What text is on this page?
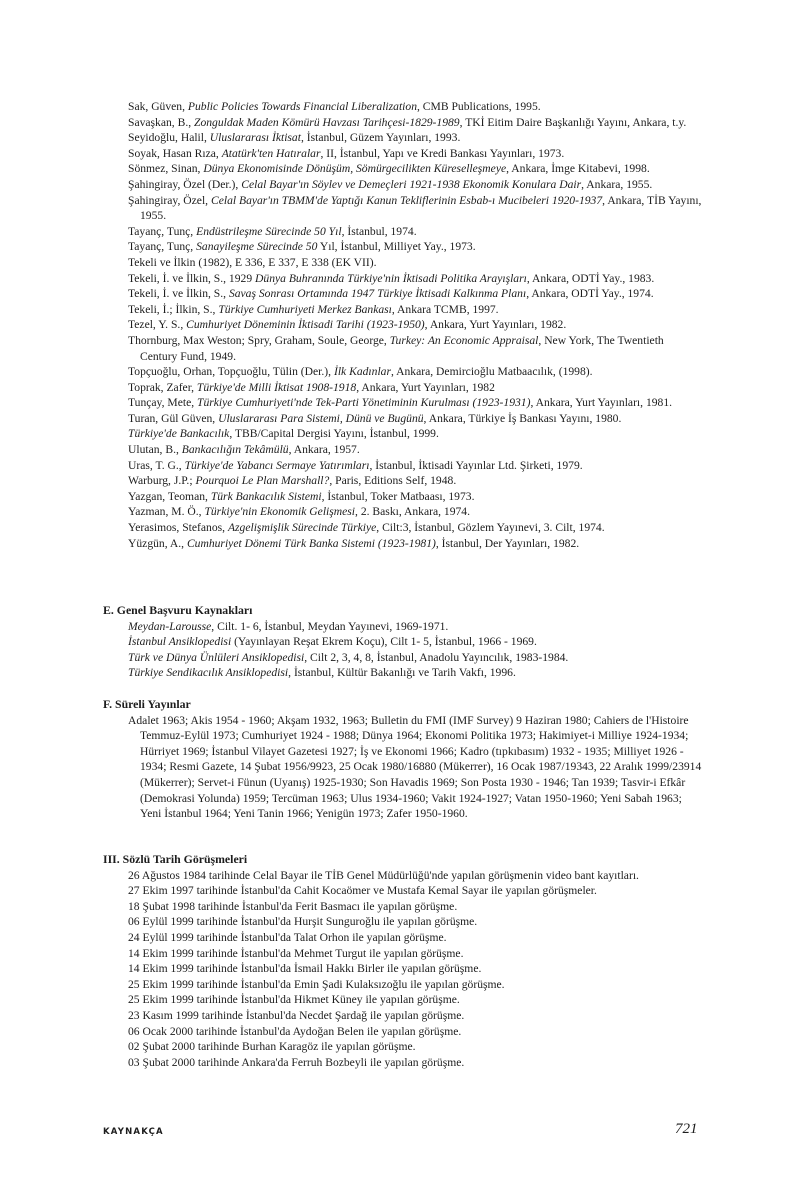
Sak, Güven, Public Policies Towards Financial Liberalization, CMB Publications, 1995.
Savaşkan, B., Zonguldak Maden Kömürü Havzası Tarihçesi-1829-1989, TKİ Eitim Daire Başkanlığı Yayını, Ankara, t.y.
Seyidoğlu, Halil, Uluslararası İktisat, İstanbul, Güzem Yayınları, 1993.
Soyak, Hasan Rıza, Atatürk'ten Hatıralar, II, İstanbul, Yapı ve Kredi Bankası Yayınları, 1973.
Sönmez, Sinan, Dünya Ekonomisinde Dönüşüm, Sömürgecilikten Küreselleşmeye, Ankara, İmge Kitabevi, 1998.
Şahingiray, Özel (Der.), Celal Bayar'ın Söylev ve Demeçleri 1921-1938 Ekonomik Konulara Dair, Ankara, 1955.
Şahingiray, Özel, Celal Bayar'ın TBMM'de Yaptığı Kanun Tekliflerinin Esbab-ı Mucibeleri 1920-1937, Ankara, TİB Yayını, 1955.
Tayanç, Tunç, Endüstrileşme Sürecinde 50 Yıl, İstanbul, 1974.
Tayanç, Tunç, Sanayileşme Sürecinde 50 Yıl, İstanbul, Milliyet Yay., 1973.
Tekeli ve İlkin (1982), E 336, E 337, E 338 (EK VII).
Tekeli, İ. ve İlkin, S., 1929 Dünya Buhranında Türkiye'nin İktisadi Politika Arayışları, Ankara, ODTİ Yay., 1983.
Tekeli, İ. ve İlkin, S., Savaş Sonrası Ortamında 1947 Türkiye İktisadi Kalkınma Planı, Ankara, ODTİ Yay., 1974.
Tekeli, İ.; İlkin, S., Türkiye Cumhuriyeti Merkez Bankası, Ankara TCMB, 1997.
Tezel, Y. S., Cumhuriyet Döneminin İktisadi Tarihi (1923-1950), Ankara, Yurt Yayınları, 1982.
Thornburg, Max Weston; Spry, Graham, Soule, George, Turkey: An Economic Appraisal, New York, The Twentieth Century Fund, 1949.
Topçuoğlu, Orhan, Topçuoğlu, Tülin (Der.), İlk Kadınlar, Ankara, Demircioğlu Matbaacılık, (1998).
Toprak, Zafer, Türkiye'de Milli İktisat 1908-1918, Ankara, Yurt Yayınları, 1982
Tunçay, Mete, Türkiye Cumhuriyeti'nde Tek-Parti Yönetiminin Kurulması (1923-1931), Ankara, Yurt Yayınları, 1981.
Turan, Gül Güven, Uluslararası Para Sistemi, Dünü ve Bugünü, Ankara, Türkiye İş Bankası Yayını, 1980.
Türkiye'de Bankacılık, TBB/Capital Dergisi Yayını, İstanbul, 1999.
Ulutan, B., Bankacılığın Tekâmülü, Ankara, 1957.
Uras, T. G., Türkiye'de Yabancı Sermaye Yatırımları, İstanbul, İktisadi Yayınlar Ltd. Şirketi, 1979.
Warburg, J.P.; Pourquoi Le Plan Marshall?, Paris, Editions Self, 1948.
Yazgan, Teoman, Türk Bankacılık Sistemi, İstanbul, Toker Matbaası, 1973.
Yazman, M. Ö., Türkiye'nin Ekonomik Gelişmesi, 2. Baskı, Ankara, 1974.
Yerasimos, Stefanos, Azgelişmişlik Sürecinde Türkiye, Cilt:3, İstanbul, Gözlem Yayınevi, 3. Cilt, 1974.
Yüzgün, A., Cumhuriyet Dönemi Türk Banka Sistemi (1923-1981), İstanbul, Der Yayınları, 1982.
E. Genel Başvuru Kaynakları
Meydan-Larousse, Cilt. 1- 6, İstanbul, Meydan Yayınevi, 1969-1971.
İstanbul Ansiklopedisi (Yayınlayan Reşat Ekrem Koçu), Cilt 1- 5, İstanbul, 1966 - 1969.
Türk ve Dünya Ünlüleri Ansiklopedisi, Cilt 2, 3, 4, 8, İstanbul, Anadolu Yayıncılık, 1983-1984.
Türkiye Sendikacılık Ansiklopedisi, İstanbul, Kültür Bakanlığı ve Tarih Vakfı, 1996.
F. Süreli Yayınlar
Adalet 1963; Akis 1954 - 1960; Akşam 1932, 1963; Bulletin du FMI (IMF Survey) 9 Haziran 1980; Cahiers de l'Histoire Temmuz-Eylül 1973; Cumhuriyet 1924 - 1988; Dünya 1964; Ekonomi Politika 1973; Hakimiyet-i Milliye 1924-1934; Hürriyet 1969; İstanbul Vilayet Gazetesi 1927; İş ve Ekonomi 1966; Kadro (tıpkıbasım) 1932 - 1935; Milliyet 1926 - 1934; Resmi Gazete, 14 Şubat 1956/9923, 25 Ocak 1980/16880 (Mükerrer), 16 Ocak 1987/19343, 22 Aralık 1999/23914 (Mükerrer); Servet-i Fünun (Uyanış) 1925-1930; Son Havadis 1969; Son Posta 1930 - 1946; Tan 1939; Tasvir-i Efkâr (Demokrasi Yolunda) 1959; Tercüman 1963; Ulus 1934-1960; Vakit 1924-1927; Vatan 1950-1960; Yeni Sabah 1963; Yeni İstanbul 1964; Yeni Tanin 1966; Yenigün 1973; Zafer 1950-1960.
III. Sözlü Tarih Görüşmeleri
26 Ağustos 1984 tarihinde Celal Bayar ile TİB Genel Müdürlüğü'nde yapılan görüşmenin video bant kayıtları.
27 Ekim 1997 tarihinde İstanbul'da Cahit Kocaömer ve Mustafa Kemal Sayar ile yapılan görüşmeler.
18 Şubat 1998 tarihinde İstanbul'da Ferit Basmacı ile yapılan görüşme.
06 Eylül 1999 tarihinde İstanbul'da Hurşit Sunguroğlu ile yapılan görüşme.
24 Eylül 1999 tarihinde İstanbul'da Talat Orhon ile yapılan görüşme.
14 Ekim 1999 tarihinde İstanbul'da Mehmet Turgut ile yapılan görüşme.
14 Ekim 1999 tarihinde İstanbul'da İsmail Hakkı Birler ile yapılan görüşme.
25 Ekim 1999 tarihinde İstanbul'da Emin Şadi Kulaksızoğlu ile yapılan görüşme.
25 Ekim 1999 tarihinde İstanbul'da Hikmet Küney ile yapılan görüşme.
23 Kasım 1999 tarihinde İstanbul'da Necdet Şardağ ile yapılan görüşme.
06 Ocak 2000 tarihinde İstanbul'da Aydoğan Belen ile yapılan görüşme.
02 Şubat 2000 tarihinde Burhan Karagöz ile yapılan görüşme.
03 Şubat 2000 tarihinde Ankara'da Ferruh Bozbeyli ile yapılan görüşme.
KAYNAKÇA	721
